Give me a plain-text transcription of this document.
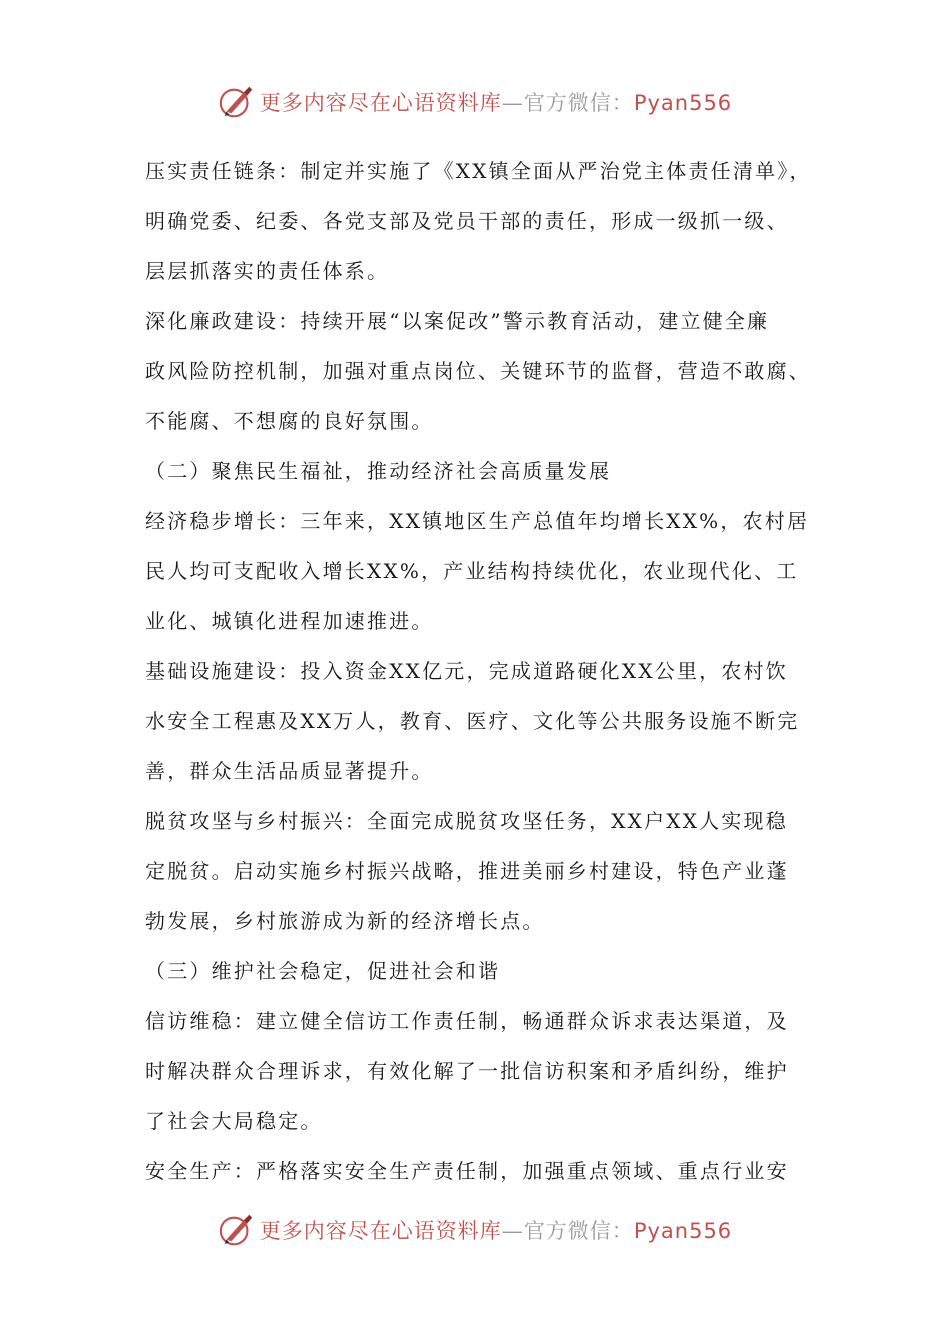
更多内容尽在心语资料库—官方微信：Pyan556
压实责任链条：制定并实施了《XX镇全面从严治党主体责任清单》，
明确党委、纪委、各党支部及党员干部的责任，形成一级抓一级、
层层抓落实的责任体系。
深化廉政建设：持续开展“以案促改”警示教育活动，建立健全廉
政风险防控机制，加强对重点岗位、关键环节的监督，营造不敢腐、
不能腐、不想腐的良好氛围。
（二）聚焦民生福祉，推动经济社会高质量发展
经济稳步增长：三年来，XX镇地区生产总值年均增长XX%，农村居
民人均可支配收入增长XX%，产业结构持续优化，农业现代化、工
业化、城镇化进程加速推进。
基础设施建设：投入资金XX亿元，完成道路硬化XX公里，农村饮
水安全工程惠及XX万人，教育、医疗、文化等公共服务设施不断完
善，群众生活品质显著提升。
脱贫攻坚与乡村振兴：全面完成脱贫攻坚任务，XX户XX人实现稳
定脱贫。启动实施乡村振兴战略，推进美丽乡村建设，特色产业蓬
勃发展，乡村旅游成为新的经济增长点。
（三）维护社会稳定，促进社会和谐
信访维稳：建立健全信访工作责任制，畅通群众诉求表达渠道，及
时解决群众合理诉求，有效化解了一批信访积案和矛盾纠纷，维护
了社会大局稳定。
安全生产：严格落实安全生产责任制，加强重点领域、重点行业安
更多内容尽在心语资料库—官方微信：Pyan556
